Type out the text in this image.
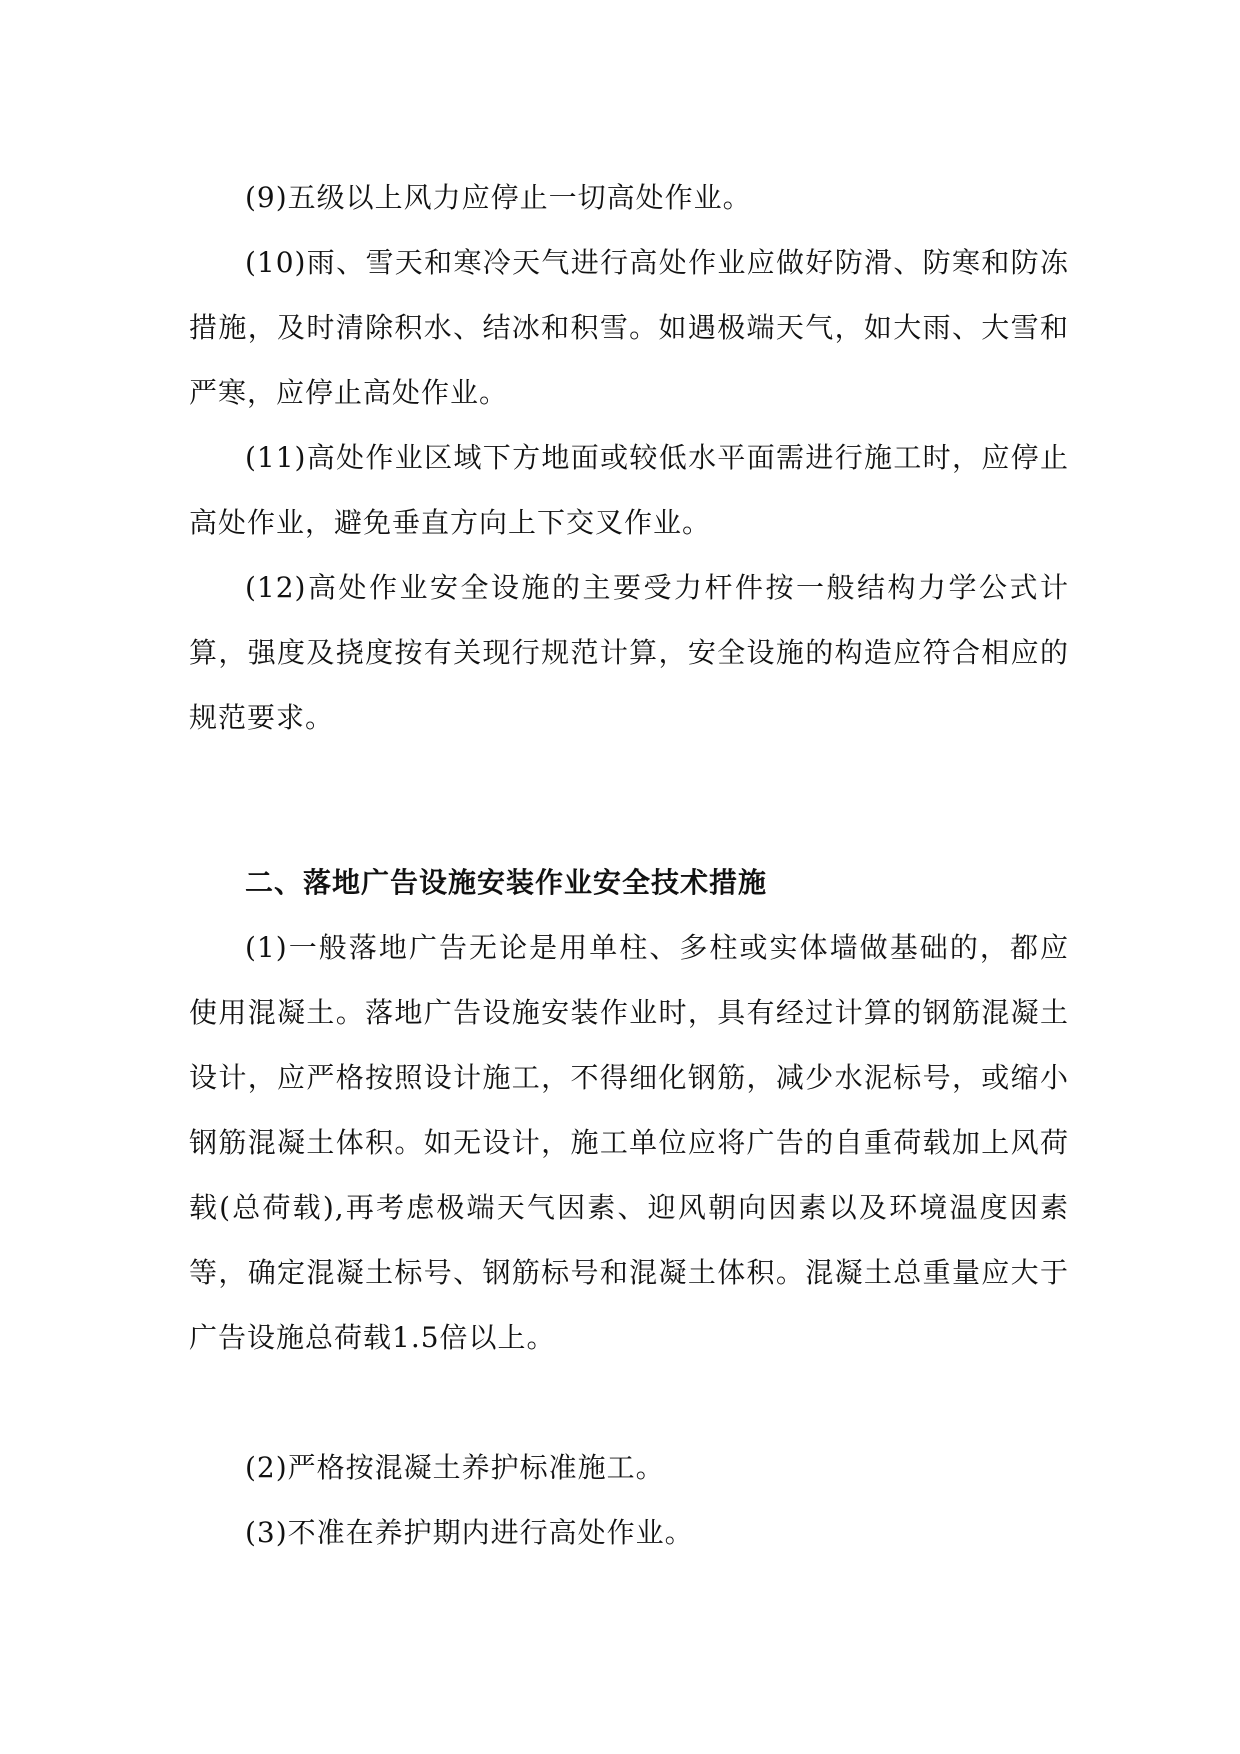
(9)五级以上风力应停止一切高处作业。

(10)雨、雪天和寒冷天气进行高处作业应做好防滑、防寒和防冻措施，及时清除积水、结冰和积雪。如遇极端天气，如大雨、大雪和严寒，应停止高处作业。

(11)高处作业区域下方地面或较低水平面需进行施工时，应停止高处作业，避免垂直方向上下交叉作业。

(12)高处作业安全设施的主要受力杆件按一般结构力学公式计算，强度及挠度按有关现行规范计算，安全设施的构造应符合相应的规范要求。

二、落地广告设施安装作业安全技术措施

(1)一般落地广告无论是用单柱、多柱或实体墙做基础的，都应使用混凝土。落地广告设施安装作业时，具有经过计算的钢筋混凝土设计，应严格按照设计施工，不得细化钢筋，减少水泥标号，或缩小钢筋混凝土体积。如无设计，施工单位应将广告的自重荷载加上风荷载(总荷载),再考虑极端天气因素、迎风朝向因素以及环境温度因素等，确定混凝土标号、钢筋标号和混凝土体积。混凝土总重量应大于广告设施总荷载1.5倍以上。

(2)严格按混凝土养护标准施工。

(3)不准在养护期内进行高处作业。
